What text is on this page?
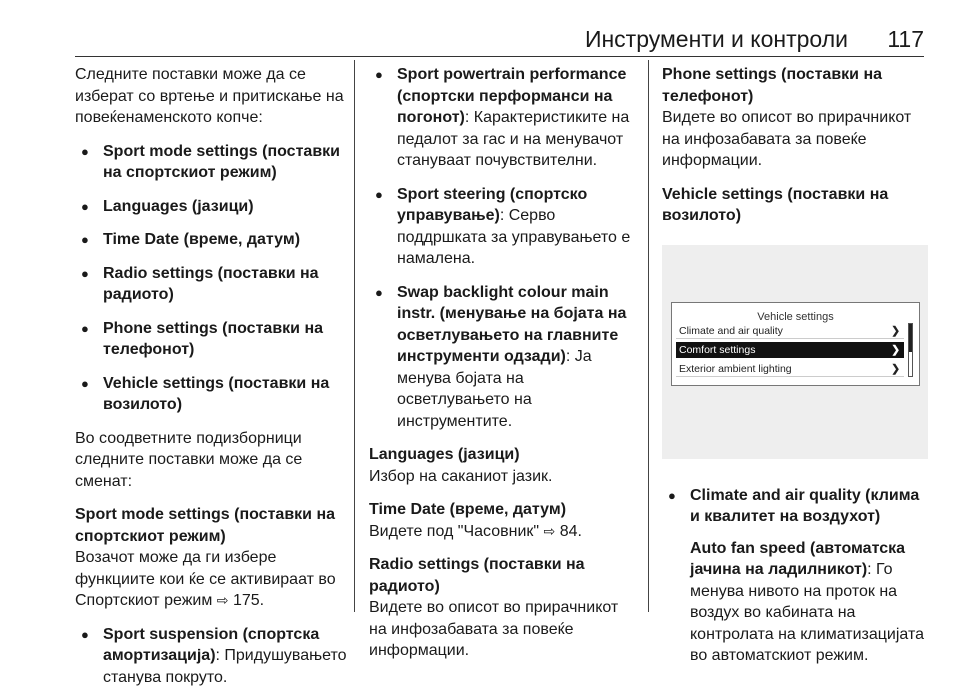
Инструменти и контроли 117

Следните поставки може да се изберат со вртење и притискање на повеќенаменското копче:

● Sport mode settings (поставки на спортскиот режим)
● Languages (јазици)
● Time Date (време, датум)
● Radio settings (поставки на радиото)
● Phone settings (поставки на телефонот)
● Vehicle settings (поставки на возилото)

Во соодветните подизборници следните поставки може да се сменат:

Sport mode settings (поставки на спортскиот режим)

Возачот може да ги избере функциите кои ќе се активираат во Спортскиот режим ⇨ 175.

● Sport suspension (спортска амортизација): Придушувањето станува покруто.
● Sport powertrain performance (спортски перформанси на погонот): Карактеристиките на педалот за гас и на менувачот стануваат почувствителни.
● Sport steering (спортско управување): Серво поддршката за управувањето е намалена.
● Swap backlight colour main instr. (менување на бојата на осветлувањето на главните инструменти одзади): Ја менува бојата на осветлувањето на инструментите.
Languages (јазици)

Избор на саканиот јазик.

Time Date (време, датум)

Видете под "Часовник" ⇨ 84.

Radio settings (поставки на радиото)

Видете во описот во прирачникот на инфозабавата за повеќе информации.

Phone settings (поставки на телефонот)

Видете во описот во прирачникот на инфозабавата за повеќе информации.

Vehicle settings (поставки на возилото)
Vehicle settings
Climate and air quality	❯
Comfort settings	❯
Exterior ambient lighting	❯
● Climate and air quality (клима и квалитет на воздухот)
Auto fan speed (автоматска јачина на ладилникот): Го менува нивото на проток на воздух во кабината на контролата на климатизацијата во автоматскиот режим.
